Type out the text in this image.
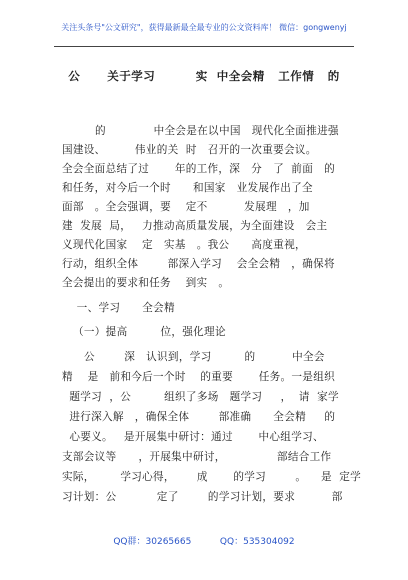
关注头条号"公文研究"，获得最新最全最专业的公文资料库！ 微信：gongwenyj
公      关于学习         实  中全会精   工作情   的
的             中全会是在以中国   现代化全面推进强
国建设、        伟业的关  时   召开的一次重要会议。
全会全面总结了过       年的工作，深   分   了  前面   的
和任务，对今后一个时      和国家   业发展作出了全
面部   。全会强调，要    定不          发展理   ，加
建  发展  局，   力推动高质量发展，为全面建设   会主
义现代化国家    定   实基   。我公      高度重视，
行动，组织全体        部深入学习    会全会精   ，确保将
全会提出的要求和任务    到实   。
一、学习      全会精
（一）提高         位，强化理论
公        深   认识到，学习         的          中全会
精    是   前和今后一个时    的重要       任务。一是组织
题学习  ，公         组织了多场   题学习     ，  请  家学
进行深入解   ，确保全体        部准确      全会精     的
心要义。   是开展集中研讨：通过       中心组学习、
支部会议等      ，开展集中研讨，              部结合工作
实际，       学习心得，      成       的学习        。    是  定学
习计划：公           定了        的学习计划，要求          部
QQ群：30265665          QQ：535304092
